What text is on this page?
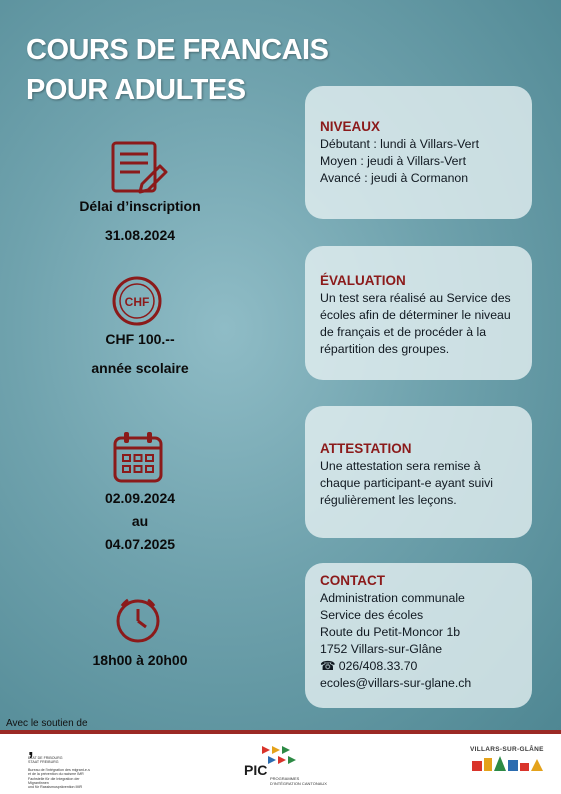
COURS DE FRANCAIS
POUR ADULTES
Délai d’inscription
31.08.2024
CHF
CHF 100.--
année scolaire
02.09.2024
au
04.07.2025
18h00 à 20h00
NIVEAUX
Débutant : lundi à Villars-Vert
Moyen : jeudi à Villars-Vert
Avancé : jeudi à Cormanon
ÉVALUATION
Un test sera réalisé au Service des écoles afin de déterminer le niveau de français et de procéder à la répartition des groupes.
ATTESTATION
Une attestation sera remise à chaque participant-e ayant suivi régulièrement les leçons.
CONTACT
Administration communale
Service des écoles
Route du Petit-Moncor 1b
1752 Villars-sur-Glâne
☎ 026/408.33.70
ecoles@villars-sur-glane.ch
Avec le soutien de
,
ETAT DE FRIBOURG
STAAT FREIBURG
Bureau de l’intégration des migrant-e-s
et de la prévention du racisme IMR
Fachstelle für die Integration der Migrantinnen
und für Rassismusprävention IMR
PIC
PROGRAMMES D’INTÉGRATION CANTONAUX
VILLARS-SUR-GLÂNE
